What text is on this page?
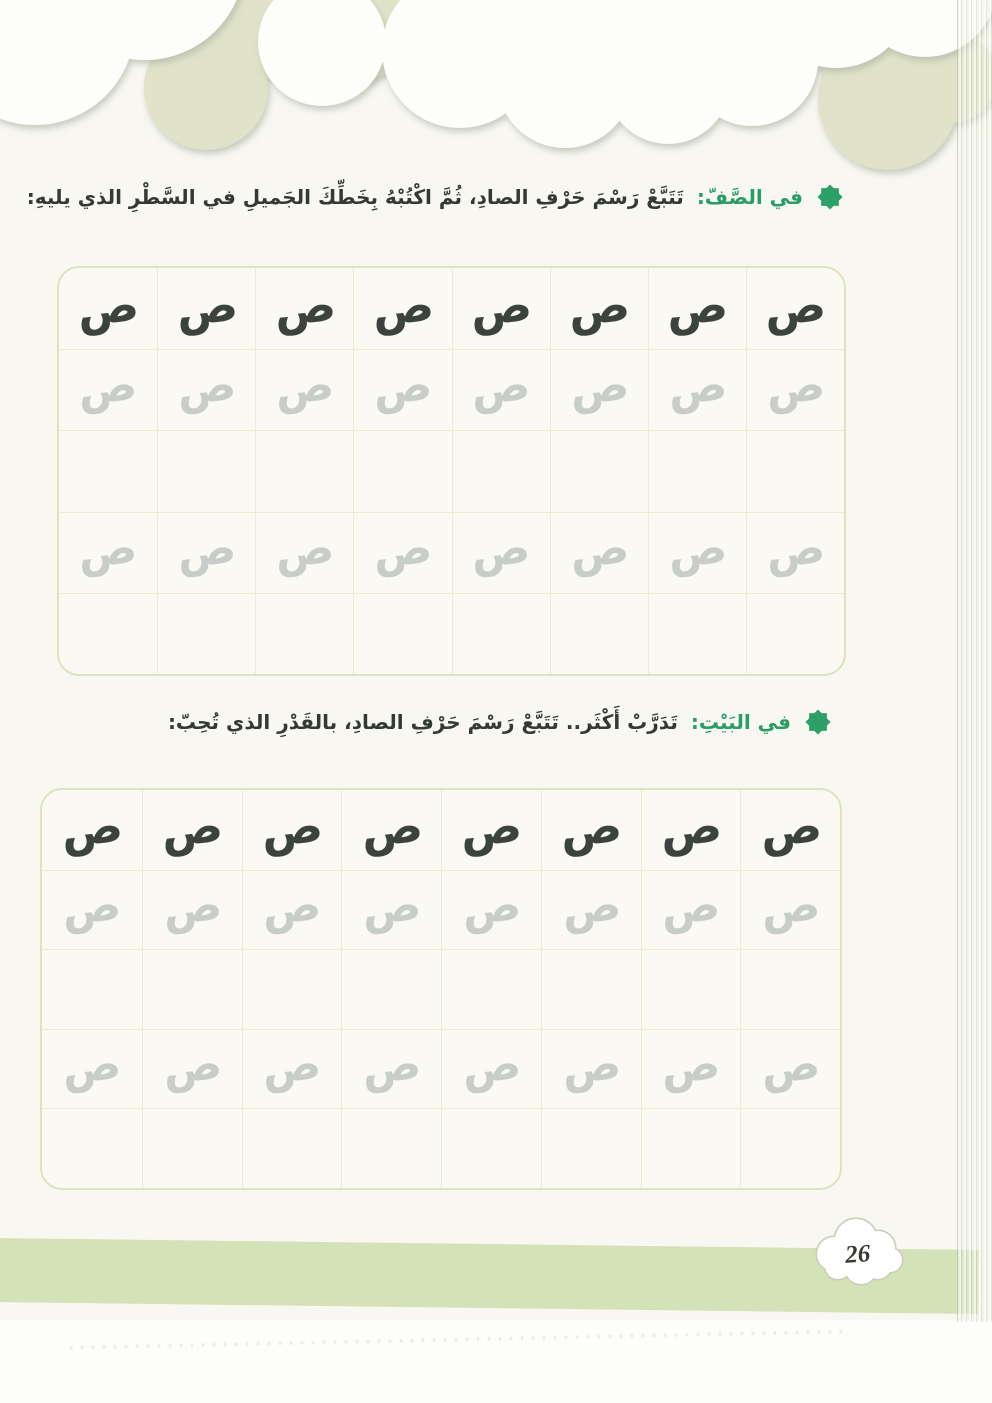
في الصَّفّ:
تَتَبَّعْ رَسْمَ حَرْفِ الصادِ، ثُمَّ اكْتُبْهُ بِخَطِّكَ الجَميلِ في السَّطْرِ الذي يليهِ:
ص ص ص ص ص ص ص ص
ص ص ص ص ص ص ص ص
ص ص ص ص ص ص ص ص
في البَيْتِ:
تَدَرَّبْ أَكْثَر.. تَتَبَّعْ رَسْمَ حَرْفِ الصادِ، بالقَدْرِ الذي تُحِبّ:
ص ص ص ص ص ص ص ص
ص ص ص ص ص ص ص ص
ص ص ص ص ص ص ص ص
26
